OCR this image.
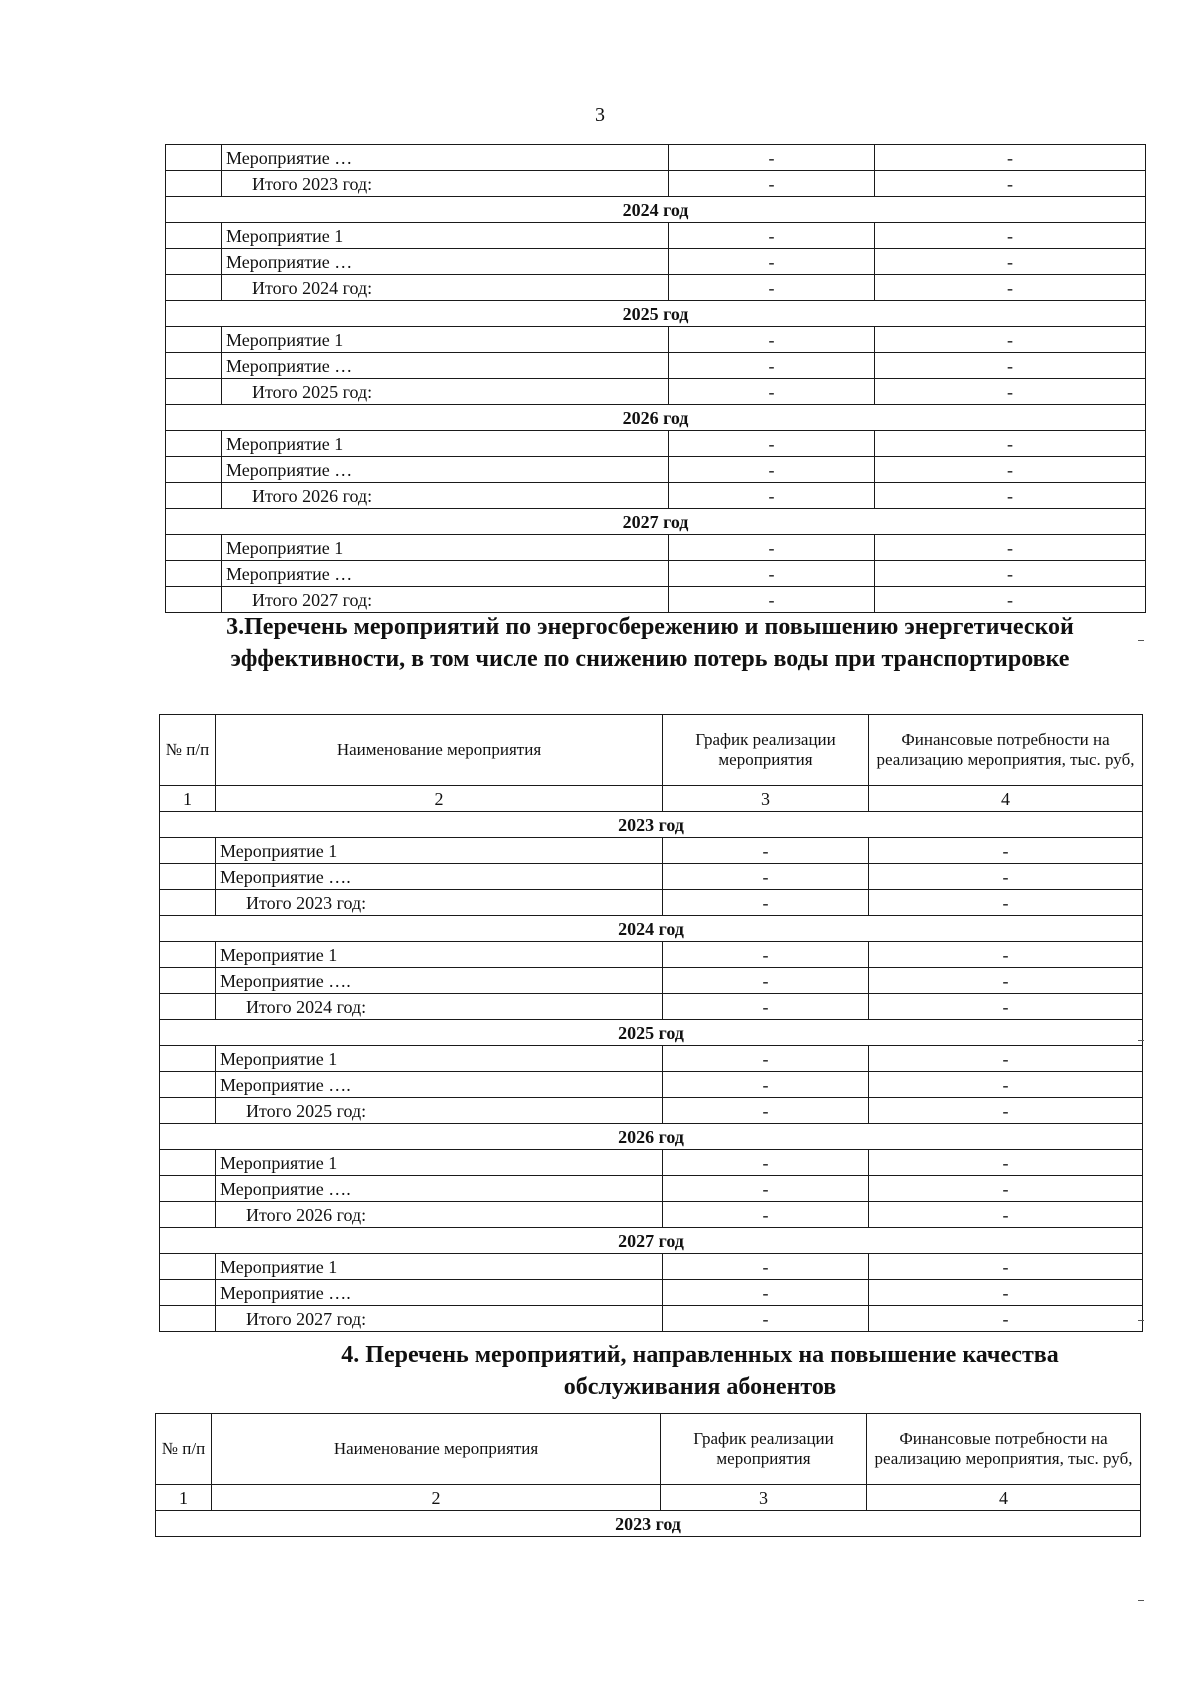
3
	Мероприятие …	-	-
	Итого 2023 год:	-	-
2024 год			
	Мероприятие 1	-	-
	Мероприятие …	-	-
	Итого 2024 год:	-	-
2025 год			
	Мероприятие 1	-	-
	Мероприятие …	-	-
	Итого 2025 год:	-	-
2026 год			
	Мероприятие 1	-	-
	Мероприятие …	-	-
	Итого 2026 год:	-	-
2027 год			
	Мероприятие 1	-	-
	Мероприятие …	-	-
	Итого 2027 год:	-	-
3.Перечень мероприятий по энергосбережению и повышению энергетической эффективности, в том числе по снижению потерь воды при транспортировке
№ п/п	Наименование мероприятия	График реализации мероприятия	Финансовые потребности на реализацию мероприятия, тыс. руб,
1	2	3	4
2023 год			
	Мероприятие 1	-	-
	Мероприятие ….	-	-
	Итого 2023 год:	-	-
2024 год			
	Мероприятие 1	-	-
	Мероприятие ….	-	-
	Итого 2024 год:	-	-
2025 год			
	Мероприятие 1	-	-
	Мероприятие ….	-	-
	Итого 2025 год:	-	-
2026 год			
	Мероприятие 1	-	-
	Мероприятие ….	-	-
	Итого 2026 год:	-	-
2027 год			
	Мероприятие 1	-	-
	Мероприятие ….	-	-
	Итого 2027 год:	-	-
4. Перечень мероприятий, направленных на повышение качества обслуживания абонентов
№ п/п	Наименование мероприятия	График реализации мероприятия	Финансовые потребности на реализацию мероприятия, тыс. руб,
1	2	3	4
2023 год			
